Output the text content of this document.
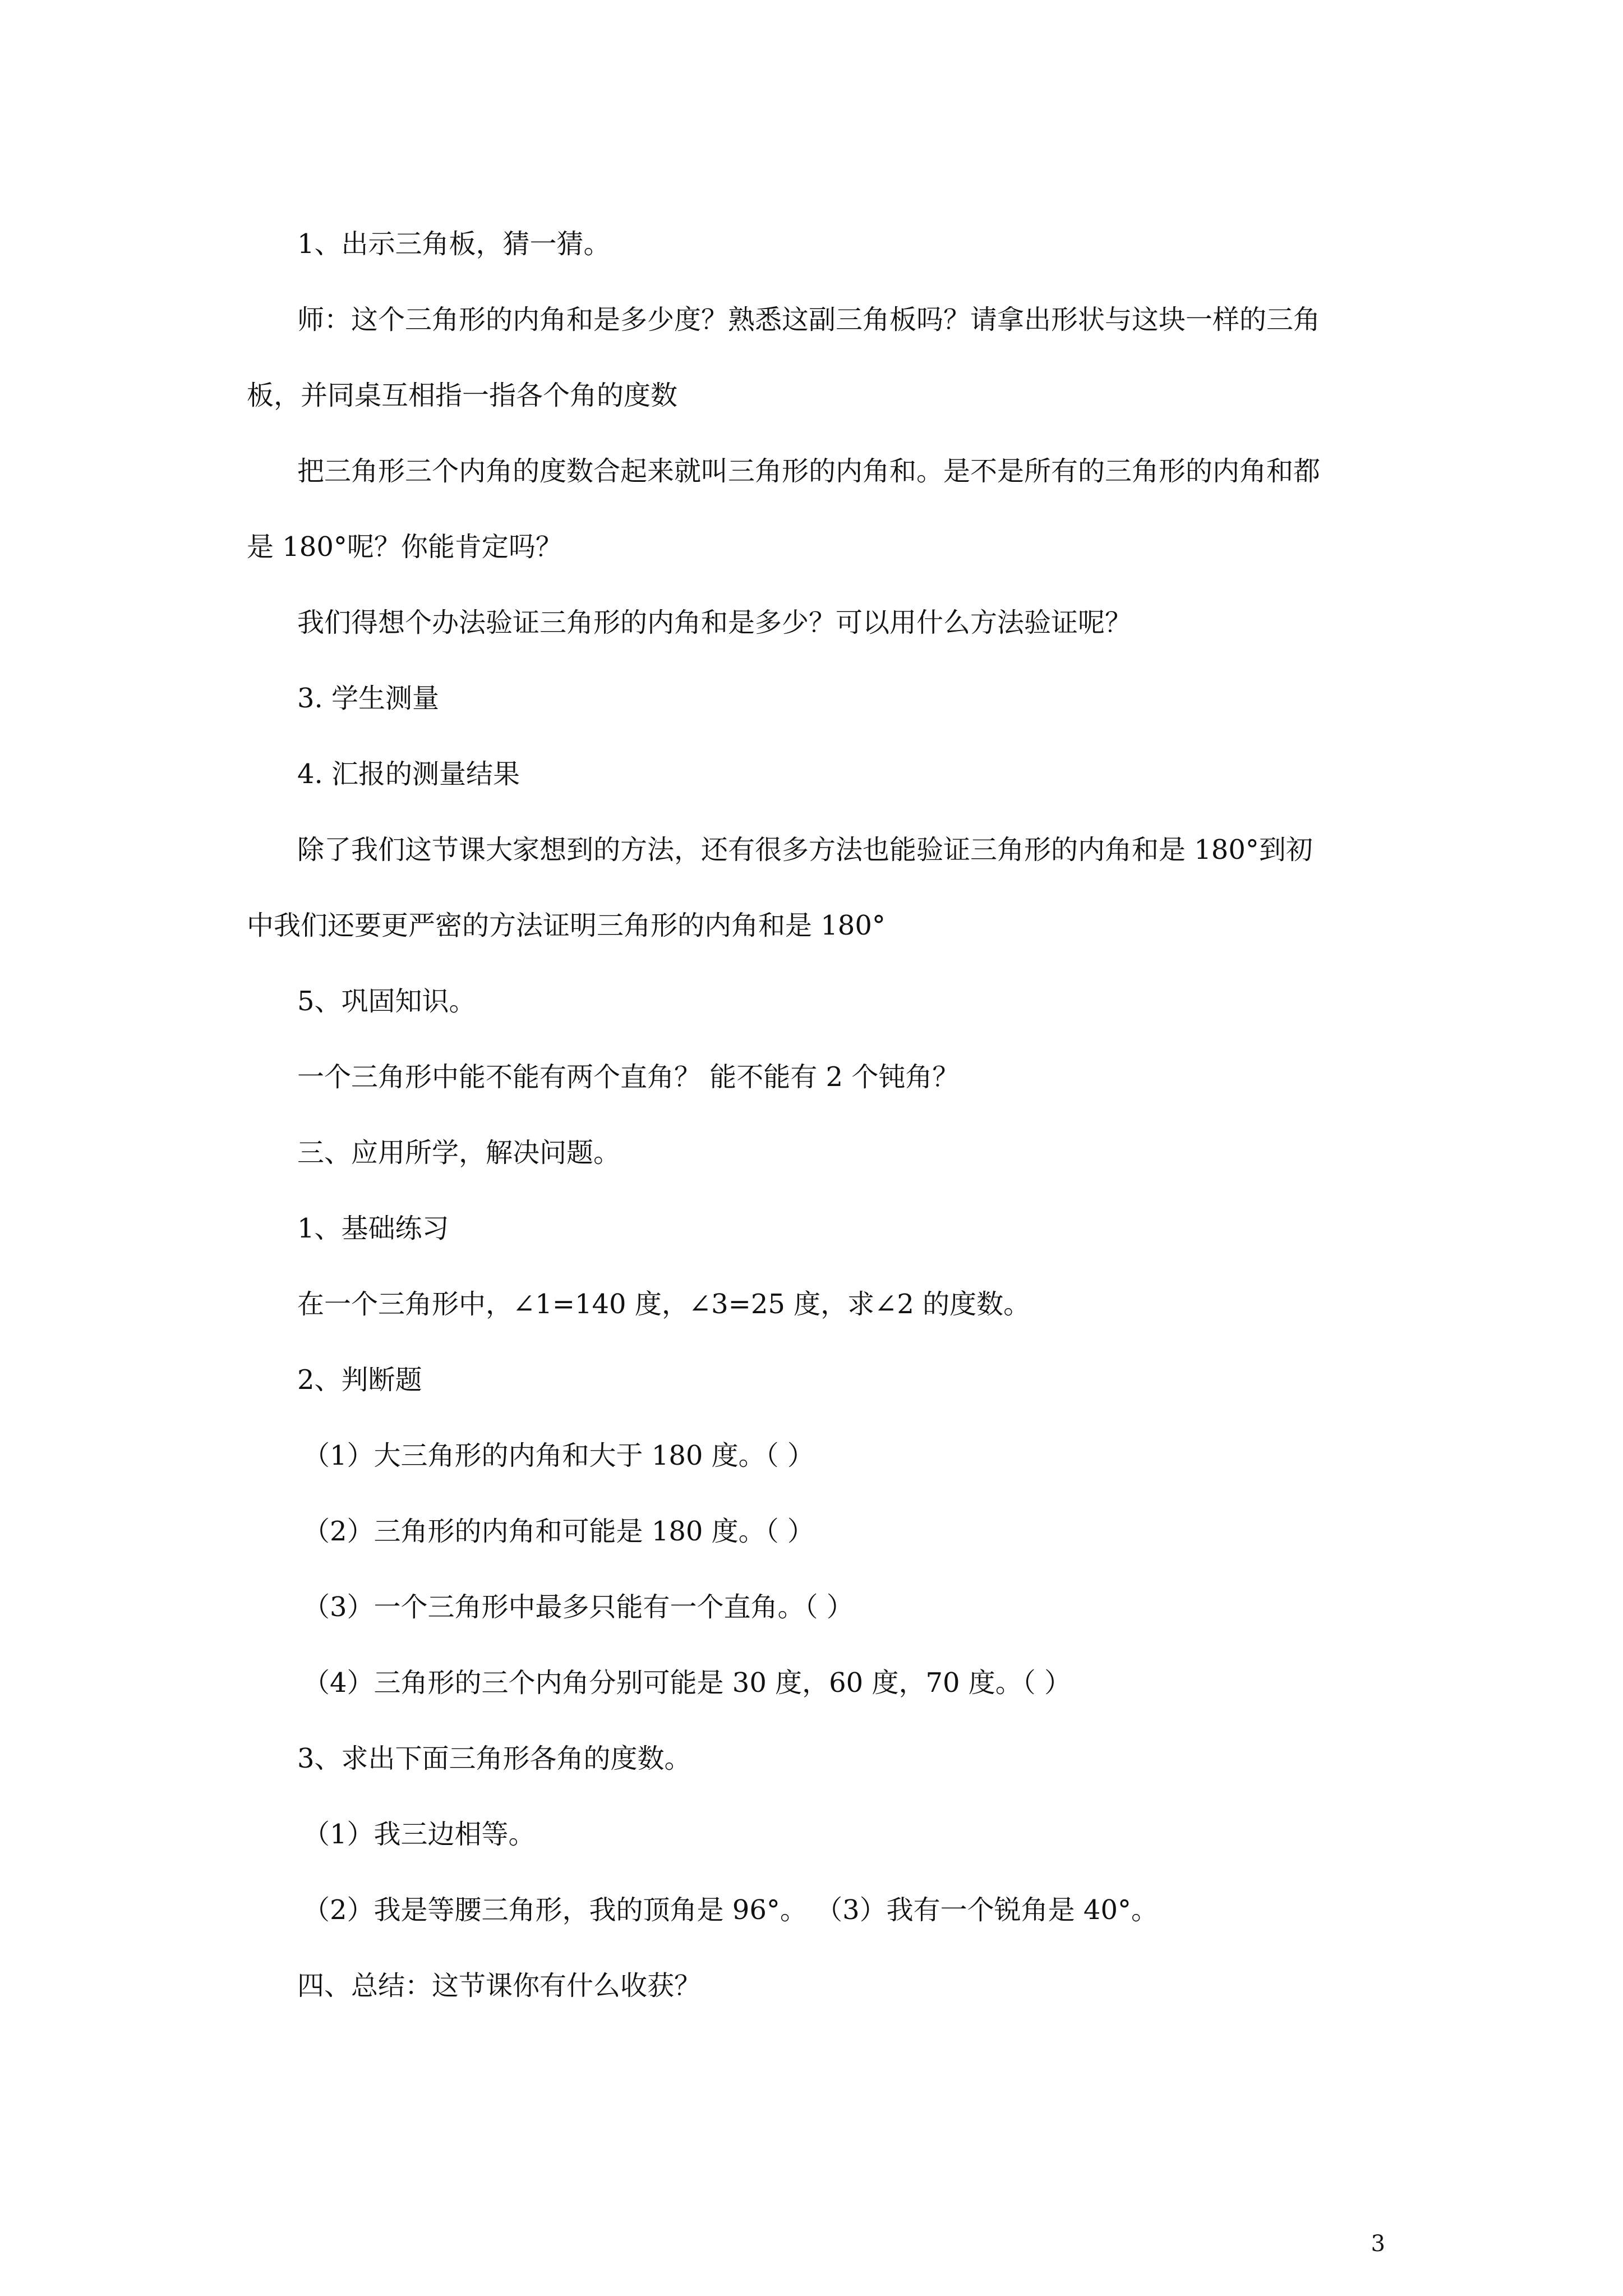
1、出示三角板，猜一猜。
师：这个三角形的内角和是多少度？熟悉这副三角板吗？请拿出形状与这块一样的三角
板，并同桌互相指一指各个角的度数
把三角形三个内角的度数合起来就叫三角形的内角和。是不是所有的三角形的内角和都
是 180°呢？你能肯定吗？
我们得想个办法验证三角形的内角和是多少？可以用什么方法验证呢？
3. 学生测量
4. 汇报的测量结果
除了我们这节课大家想到的方法，还有很多方法也能验证三角形的内角和是 180°到初
中我们还要更严密的方法证明三角形的内角和是 180°
5、巩固知识。
一个三角形中能不能有两个直角？ 能不能有 2 个钝角？
三、应用所学，解决问题。
1、基础练习
在一个三角形中，∠1=140 度，∠3=25 度，求∠2 的度数。
2、判断题
（1）大三角形的内角和大于 180 度。（ ）
（2）三角形的内角和可能是 180 度。（ ）
（3）一个三角形中最多只能有一个直角。（ ）
（4）三角形的三个内角分别可能是 30 度，60 度，70 度。（ ）
3、求出下面三角形各角的度数。
（1）我三边相等。
（2）我是等腰三角形，我的顶角是 96°。 （3）我有一个锐角是 40°。
四、总结：这节课你有什么收获？
3
